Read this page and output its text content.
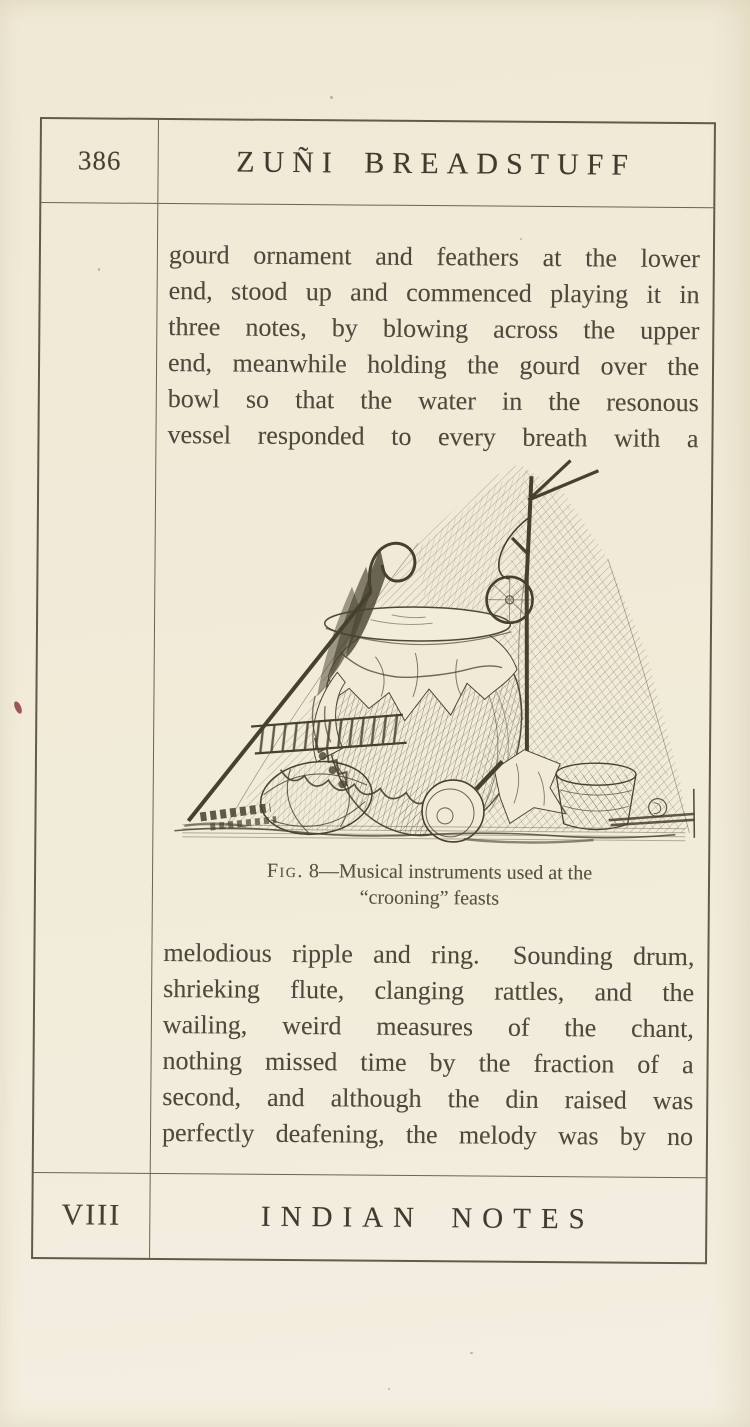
386	ZUÑI BREADSTUFF
gourd ornament and feathers at the lower
end, stood up and commenced playing it in
three notes, by blowing across the upper
end, meanwhile holding the gourd over the
bowl so that the water in the resonous
vessel responded to every breath with a
Fig. 8—Musical instruments used at the
“crooning” feasts
melodious ripple and ring.  Sounding drum,
shrieking flute, clanging rattles, and the
wailing, weird measures of the chant,
nothing missed time by the fraction of a
second, and although the din raised was
perfectly deafening, the melody was by no
VIII	INDIAN NOTES
